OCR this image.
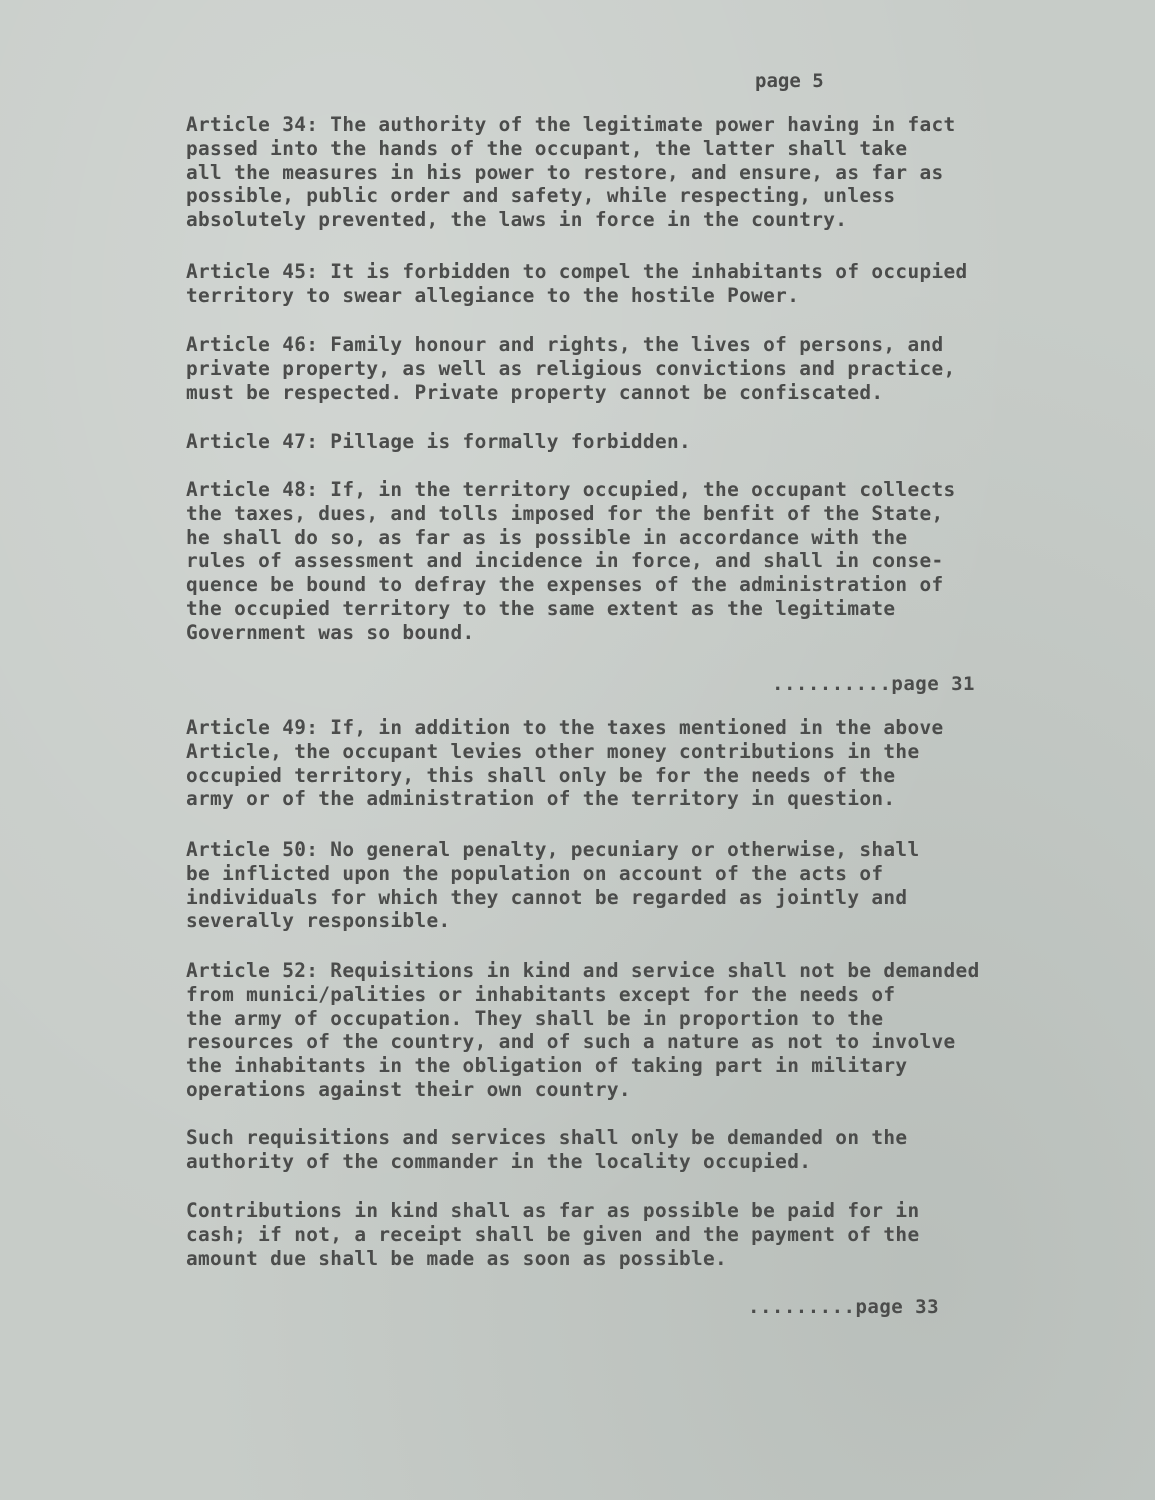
page 5

Article 34: The authority of the legitimate power having in fact
passed into the hands of the occupant, the latter shall take
all the measures in his power to restore, and ensure, as far as
possible, public order and safety, while respecting, unless
absolutely prevented, the laws in force in the country.

Article 45: It is forbidden to compel the inhabitants of occupied
territory to swear allegiance to the hostile Power.

Article 46: Family honour and rights, the lives of persons, and
private property, as well as religious convictions and practice,
must be respected. Private property cannot be confiscated.

Article 47: Pillage is formally forbidden.

Article 48: If, in the territory occupied, the occupant collects
the taxes, dues, and tolls imposed for the benfit of the State,
he shall do so, as far as is possible in accordance with the
rules of assessment and incidence in force, and shall in conse-
quence be bound to defray the expenses of the administration of
the occupied territory to the same extent as the legitimate
Government was so bound.

..........page 31

Article 49: If, in addition to the taxes mentioned in the above
Article, the occupant levies other money contributions in the
occupied territory, this shall only be for the needs of the
army or of the administration of the territory in question.

Article 50: No general penalty, pecuniary or otherwise, shall
be inflicted upon the population on account of the acts of
individuals for which they cannot be regarded as jointly and
severally responsible.

Article 52: Requisitions in kind and service shall not be demanded
from munici/palities or inhabitants except for the needs of
the army of occupation. They shall be in proportion to the
resources of the country, and of such a nature as not to involve
the inhabitants in the obligation of taking part in military
operations against their own country.

Such requisitions and services shall only be demanded on the
authority of the commander in the locality occupied.

Contributions in kind shall as far as possible be paid for in
cash; if not, a receipt shall be given and the payment of the
amount due shall be made as soon as possible.

.........page 33
